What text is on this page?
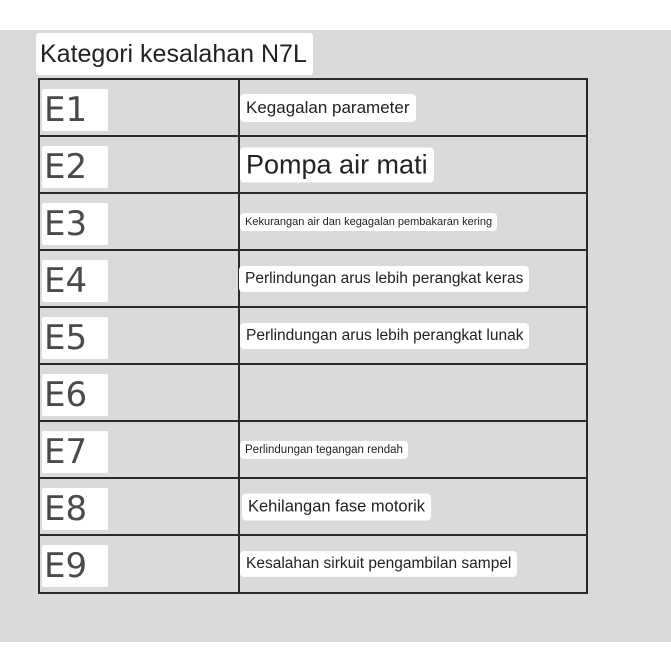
Kategori kesalahan N7L
E1	Kegagalan parameter
E2	Pompa air mati
E3	Kekurangan air dan kegagalan pembakaran kering
E4	Perlindungan arus lebih perangkat keras
E5	Perlindungan arus lebih perangkat lunak
E6
E7	Perlindungan tegangan rendah
E8	Kehilangan fase motorik
E9	Kesalahan sirkuit pengambilan sampel
